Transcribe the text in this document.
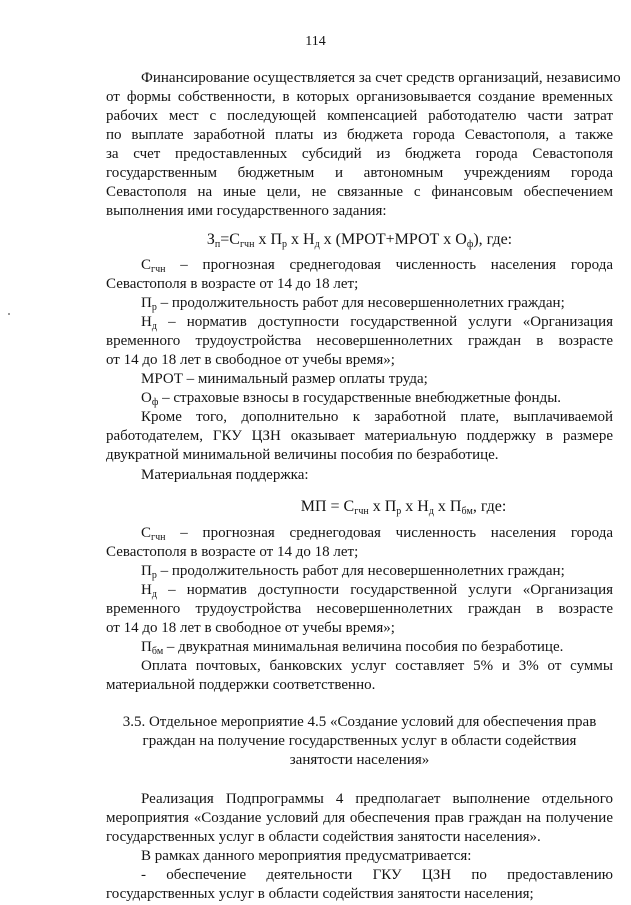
114
Финансирование осуществляется за счет средств организаций, независимо
от формы собственности, в которых организовывается создание временных
рабочих мест с последующей компенсацией работодателю части затрат
по выплате заработной платы из бюджета города Севастополя, а также
за счет предоставленных субсидий из бюджета города Севастополя
государственным бюджетным и автономным учреждениям города
Севастополя на иные цели, не связанные с финансовым обеспечением
выполнения ими государственного задания:
$З_п=С_{гчн}$ х $П_р$ х $Н_д$ х (МРОТ+МРОТ х $О_ф$), где:
$С_{гчн}$ – прогнозная среднегодовая численность населения города
Севастополя в возрасте от 14 до 18 лет;
$П_р$ – продолжительность работ для несовершеннолетних граждан;
$Н_д$ – норматив доступности государственной услуги «Организация
временного трудоустройства несовершеннолетних граждан в возрасте
от 14 до 18 лет в свободное от учебы время»;
МРОТ – минимальный размер оплаты труда;
$О_ф$ – страховые взносы в государственные внебюджетные фонды.
Кроме того, дополнительно к заработной плате, выплачиваемой
работодателем, ГКУ ЦЗН оказывает материальную поддержку в размере
двукратной минимальной величины пособия по безработице.
Материальная поддержка:
МП = $С_{гчн}$ х $П_р$ х $Н_д$ х $П_{бм}$, где:
$С_{гчн}$ – прогнозная среднегодовая численность населения города
Севастополя в возрасте от 14 до 18 лет;
$П_р$ – продолжительность работ для несовершеннолетних граждан;
$Н_д$ – норматив доступности государственной услуги «Организация
временного трудоустройства несовершеннолетних граждан в возрасте
от 14 до 18 лет в свободное от учебы время»;
$П_{бм}$ – двукратная минимальная величина пособия по безработице.
Оплата почтовых, банковских услуг составляет 5% и 3% от суммы
материальной поддержки соответственно.
3.5. Отдельное мероприятие 4.5 «Создание условий для обеспечения прав
граждан на получение государственных услуг в области содействия
занятости населения»
Реализация Подпрограммы 4 предполагает выполнение отдельного
мероприятия «Создание условий для обеспечения прав граждан на получение
государственных услуг в области содействия занятости населения».
В рамках данного мероприятия предусматривается:
- обеспечение деятельности ГКУ ЦЗН по предоставлению
государственных услуг в области содействия занятости населения;
